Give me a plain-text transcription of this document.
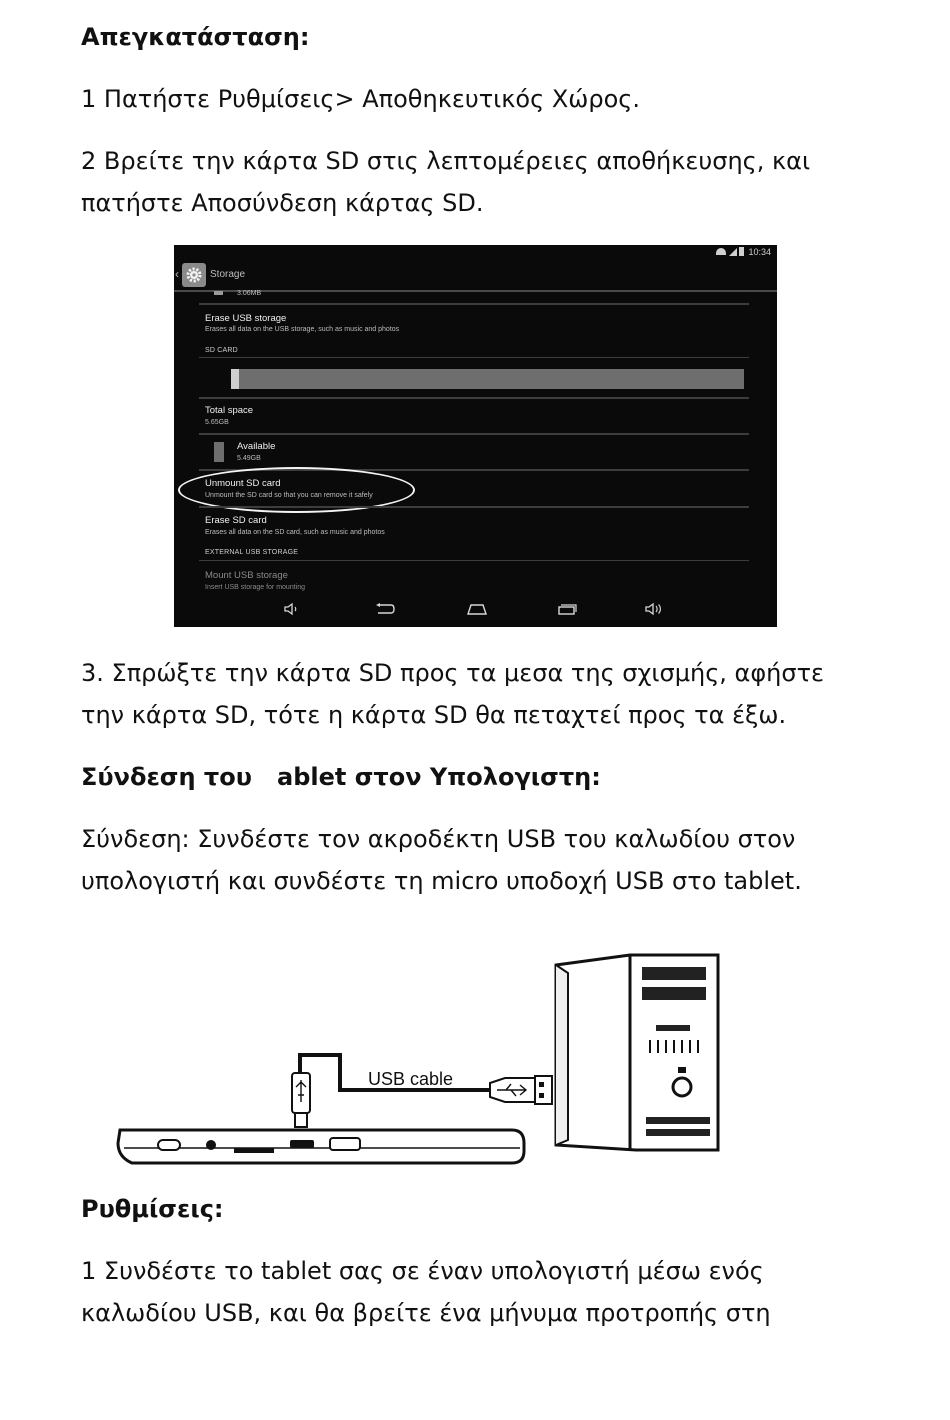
Απεγκατάσταση:

1 Πατήστε Ρυθμίσεις> Αποθηκευτικός Χώρος.

2 Βρείτε την κάρτα SD στις λεπτομέρειες αποθήκευσης, και

πατήστε Αποσύνδεση κάρτας SD.

10:34
‹	Storage
3.06MB
Erase USB storage
Erases all data on the USB storage, such as music and photos
SD CARD
Total space
5.65GB
Available
5.49GB
Unmount SD card
Unmount the SD card so that you can remove it safely
Erase SD card
Erases all data on the SD card, such as music and photos
EXTERNAL USB STORAGE
Mount USB storage
Insert USB storage for mounting

3. Σπρώξτε την κάρτα SD προς τα μεσα της σχισμής, αφήστε

την κάρτα SD, τότε η κάρτα SD θα πεταχτεί προς τα έξω.

Σύνδεση του   ablet στον Υπολογιστη:

Σύνδεση: Συνδέστε τον ακροδέκτη USB του καλωδίου στον

υπολογιστή και συνδέστε τη micro υποδοχή USB στο tablet.

USB cable

Ρυθμίσεις:

1 Συνδέστε το tablet σας σε έναν υπολογιστή μέσω ενός

καλωδίου USB, και θα βρείτε ένα μήνυμα προτροπής στη
